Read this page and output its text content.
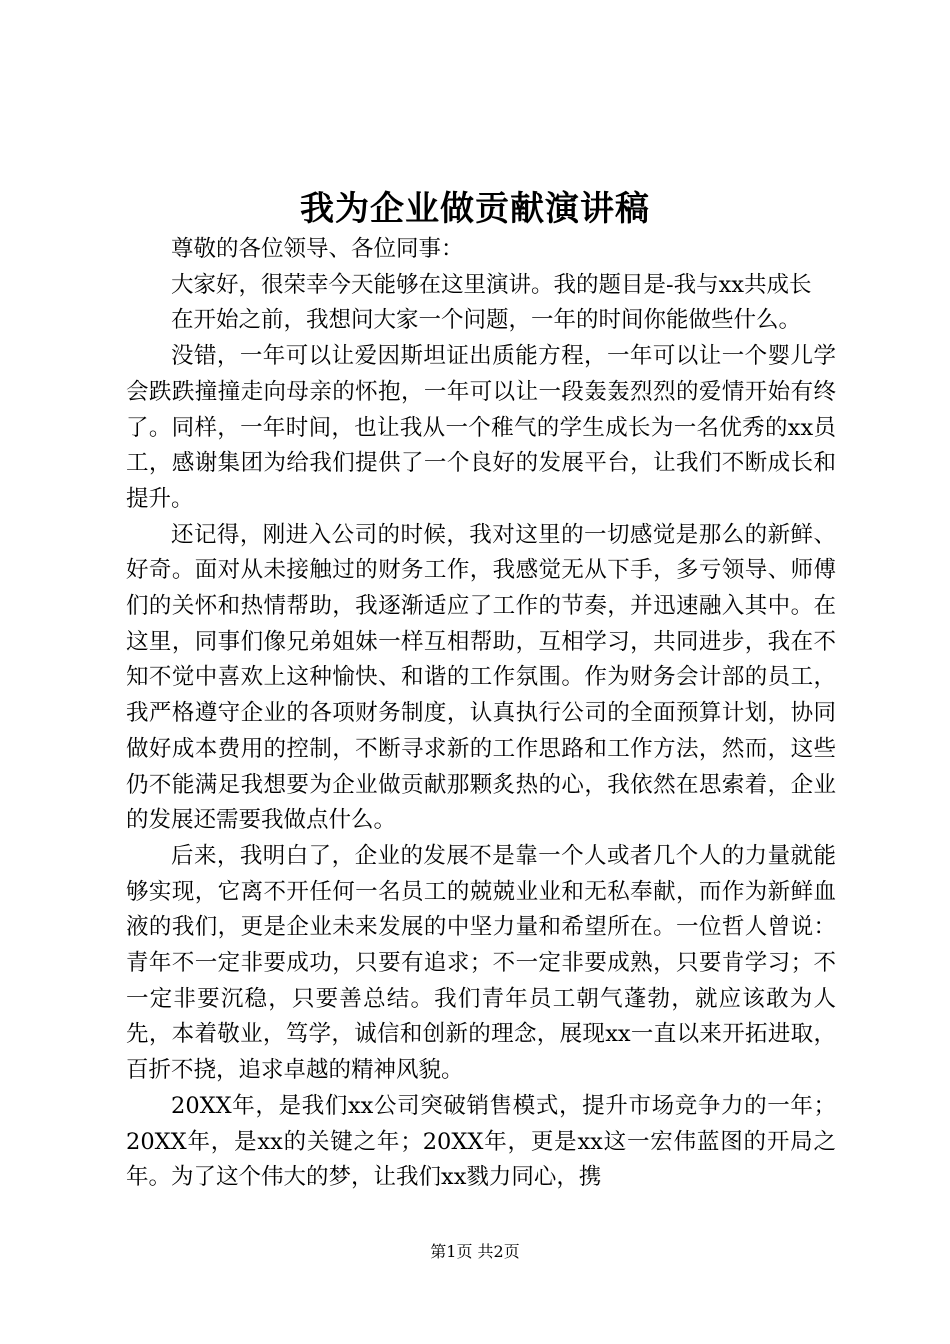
我为企业做贡献演讲稿

尊敬的各位领导、各位同事：

大家好，很荣幸今天能够在这里演讲。我的题目是-我与xx共成长

在开始之前，我想问大家一个问题，一年的时间你能做些什么。

没错，一年可以让爱因斯坦证出质能方程，一年可以让一个婴儿学会跌跌撞撞走向母亲的怀抱，一年可以让一段轰轰烈烈的爱情开始有终了。同样，一年时间，也让我从一个稚气的学生成长为一名优秀的xx员工，感谢集团为给我们提供了一个良好的发展平台，让我们不断成长和提升。

还记得，刚进入公司的时候，我对这里的一切感觉是那么的新鲜、好奇。面对从未接触过的财务工作，我感觉无从下手，多亏领导、师傅们的关怀和热情帮助，我逐渐适应了工作的节奏，并迅速融入其中。在这里，同事们像兄弟姐妹一样互相帮助，互相学习，共同进步，我在不知不觉中喜欢上这种愉快、和谐的工作氛围。作为财务会计部的员工，我严格遵守企业的各项财务制度，认真执行公司的全面预算计划，协同做好成本费用的控制，不断寻求新的工作思路和工作方法，然而，这些仍不能满足我想要为企业做贡献那颗炙热的心，我依然在思索着，企业的发展还需要我做点什么。

后来，我明白了，企业的发展不是靠一个人或者几个人的力量就能够实现，它离不开任何一名员工的兢兢业业和无私奉献，而作为新鲜血液的我们，更是企业未来发展的中坚力量和希望所在。一位哲人曾说：青年不一定非要成功，只要有追求；不一定非要成熟，只要肯学习；不一定非要沉稳，只要善总结。我们青年员工朝气蓬勃，就应该敢为人先，本着敬业，笃学，诚信和创新的理念，展现xx一直以来开拓进取，百折不挠，追求卓越的精神风貌。

20XX年，是我们xx公司突破销售模式，提升市场竞争力的一年；20XX年，是xx的关键之年；20XX年，更是xx这一宏伟蓝图的开局之年。为了这个伟大的梦，让我们xx戮力同心，携

第1页 共2页
